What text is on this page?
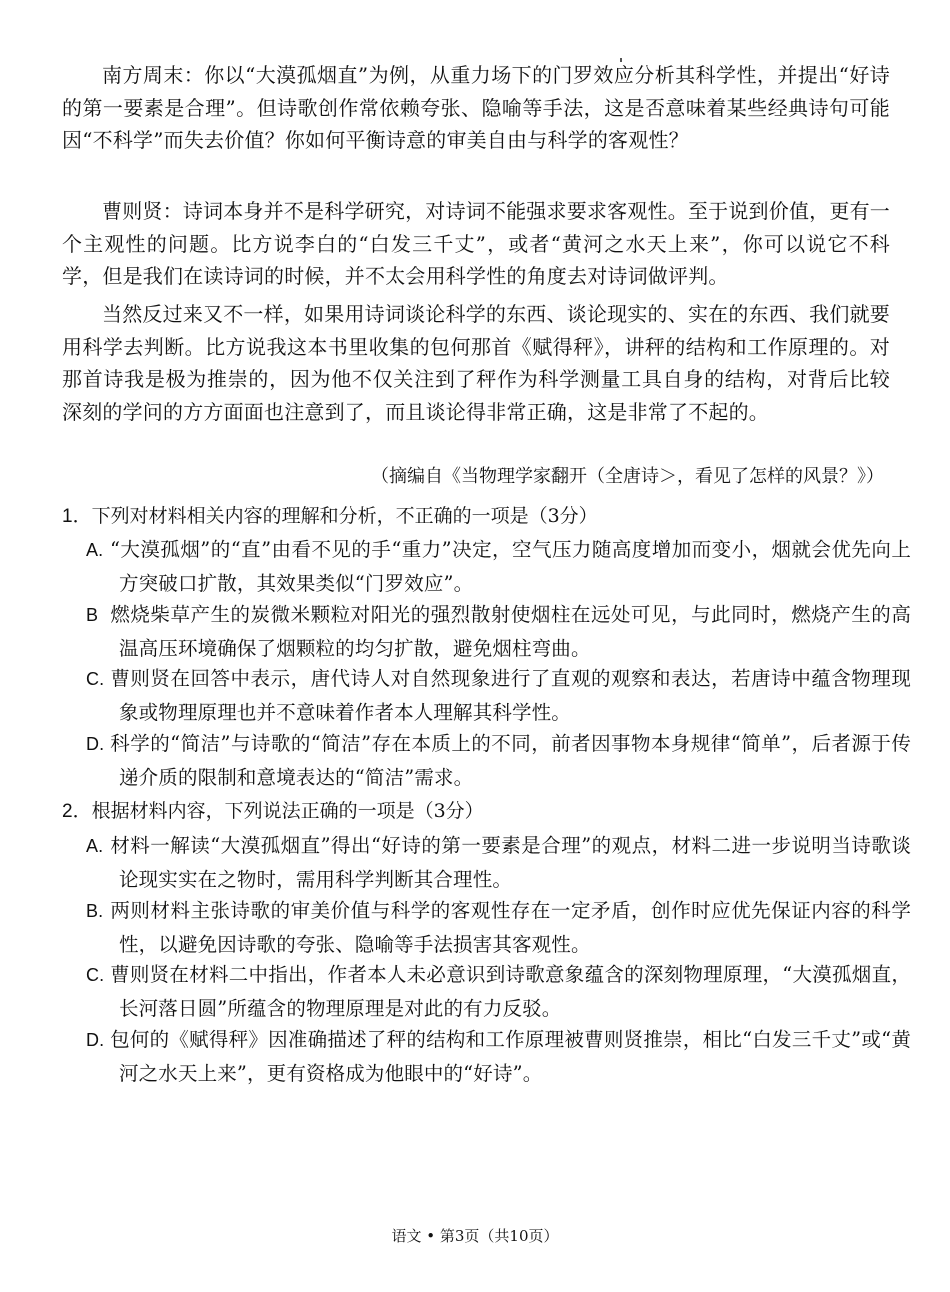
南方周末：你以“大漠孤烟直”为例，从重力场下的门罗效应分析其科学性，并提出“好诗的第一要素是合理”。但诗歌创作常依赖夸张、隐喻等手法，这是否意味着某些经典诗句可能因“不科学”而失去价值？你如何平衡诗意的审美自由与科学的客观性？

曹则贤：诗词本身并不是科学研究，对诗词不能强求要求客观性。至于说到价值，更有一个主观性的问题。比方说李白的“白发三千丈”，或者“黄河之水天上来”，你可以说它不科学，但是我们在读诗词的时候，并不太会用科学性的角度去对诗词做评判。

当然反过来又不一样，如果用诗词谈论科学的东西、谈论现实的、实在的东西、我们就要用科学去判断。比方说我这本书里收集的包何那首《赋得秤》，讲秤的结构和工作原理的。对那首诗我是极为推崇的，因为他不仅关注到了秤作为科学测量工具自身的结构，对背后比较深刻的学问的方方面面也注意到了，而且谈论得非常正确，这是非常了不起的。

（摘编自《当物理学家翻开（全唐诗＞，看见了怎样的风景？》）

1．下列对材料相关内容的理解和分析，不正确的一项是（3分）

A. “大漠孤烟”的“直”由看不见的手“重力”决定，空气压力随高度增加而变小，烟就会优先向上方突破口扩散，其效果类似“门罗效应”。

B 燃烧柴草产生的炭微米颗粒对阳光的强烈散射使烟柱在远处可见，与此同时，燃烧产生的高温高压环境确保了烟颗粒的均匀扩散，避免烟柱弯曲。

C. 曹则贤在回答中表示，唐代诗人对自然现象进行了直观的观察和表达，若唐诗中蕴含物理现象或物理原理也并不意味着作者本人理解其科学性。

D. 科学的“简洁”与诗歌的“简洁”存在本质上的不同，前者因事物本身规律“简单”，后者源于传递介质的限制和意境表达的“简洁”需求。

2．根据材料内容，下列说法正确的一项是（3分）

A. 材料一解读“大漠孤烟直”得出“好诗的第一要素是合理”的观点，材料二进一步说明当诗歌谈论现实实在之物时，需用科学判断其合理性。

B. 两则材料主张诗歌的审美价值与科学的客观性存在一定矛盾，创作时应优先保证内容的科学性，以避免因诗歌的夸张、隐喻等手法损害其客观性。

C. 曹则贤在材料二中指出，作者本人未必意识到诗歌意象蕴含的深刻物理原理，“大漠孤烟直，长河落日圆”所蕴含的物理原理是对此的有力反驳。

D. 包何的《赋得秤》因准确描述了秤的结构和工作原理被曹则贤推崇，相比“白发三千丈”或“黄河之水天上来”，更有资格成为他眼中的“好诗”。

语文 • 第3页（共10页）
